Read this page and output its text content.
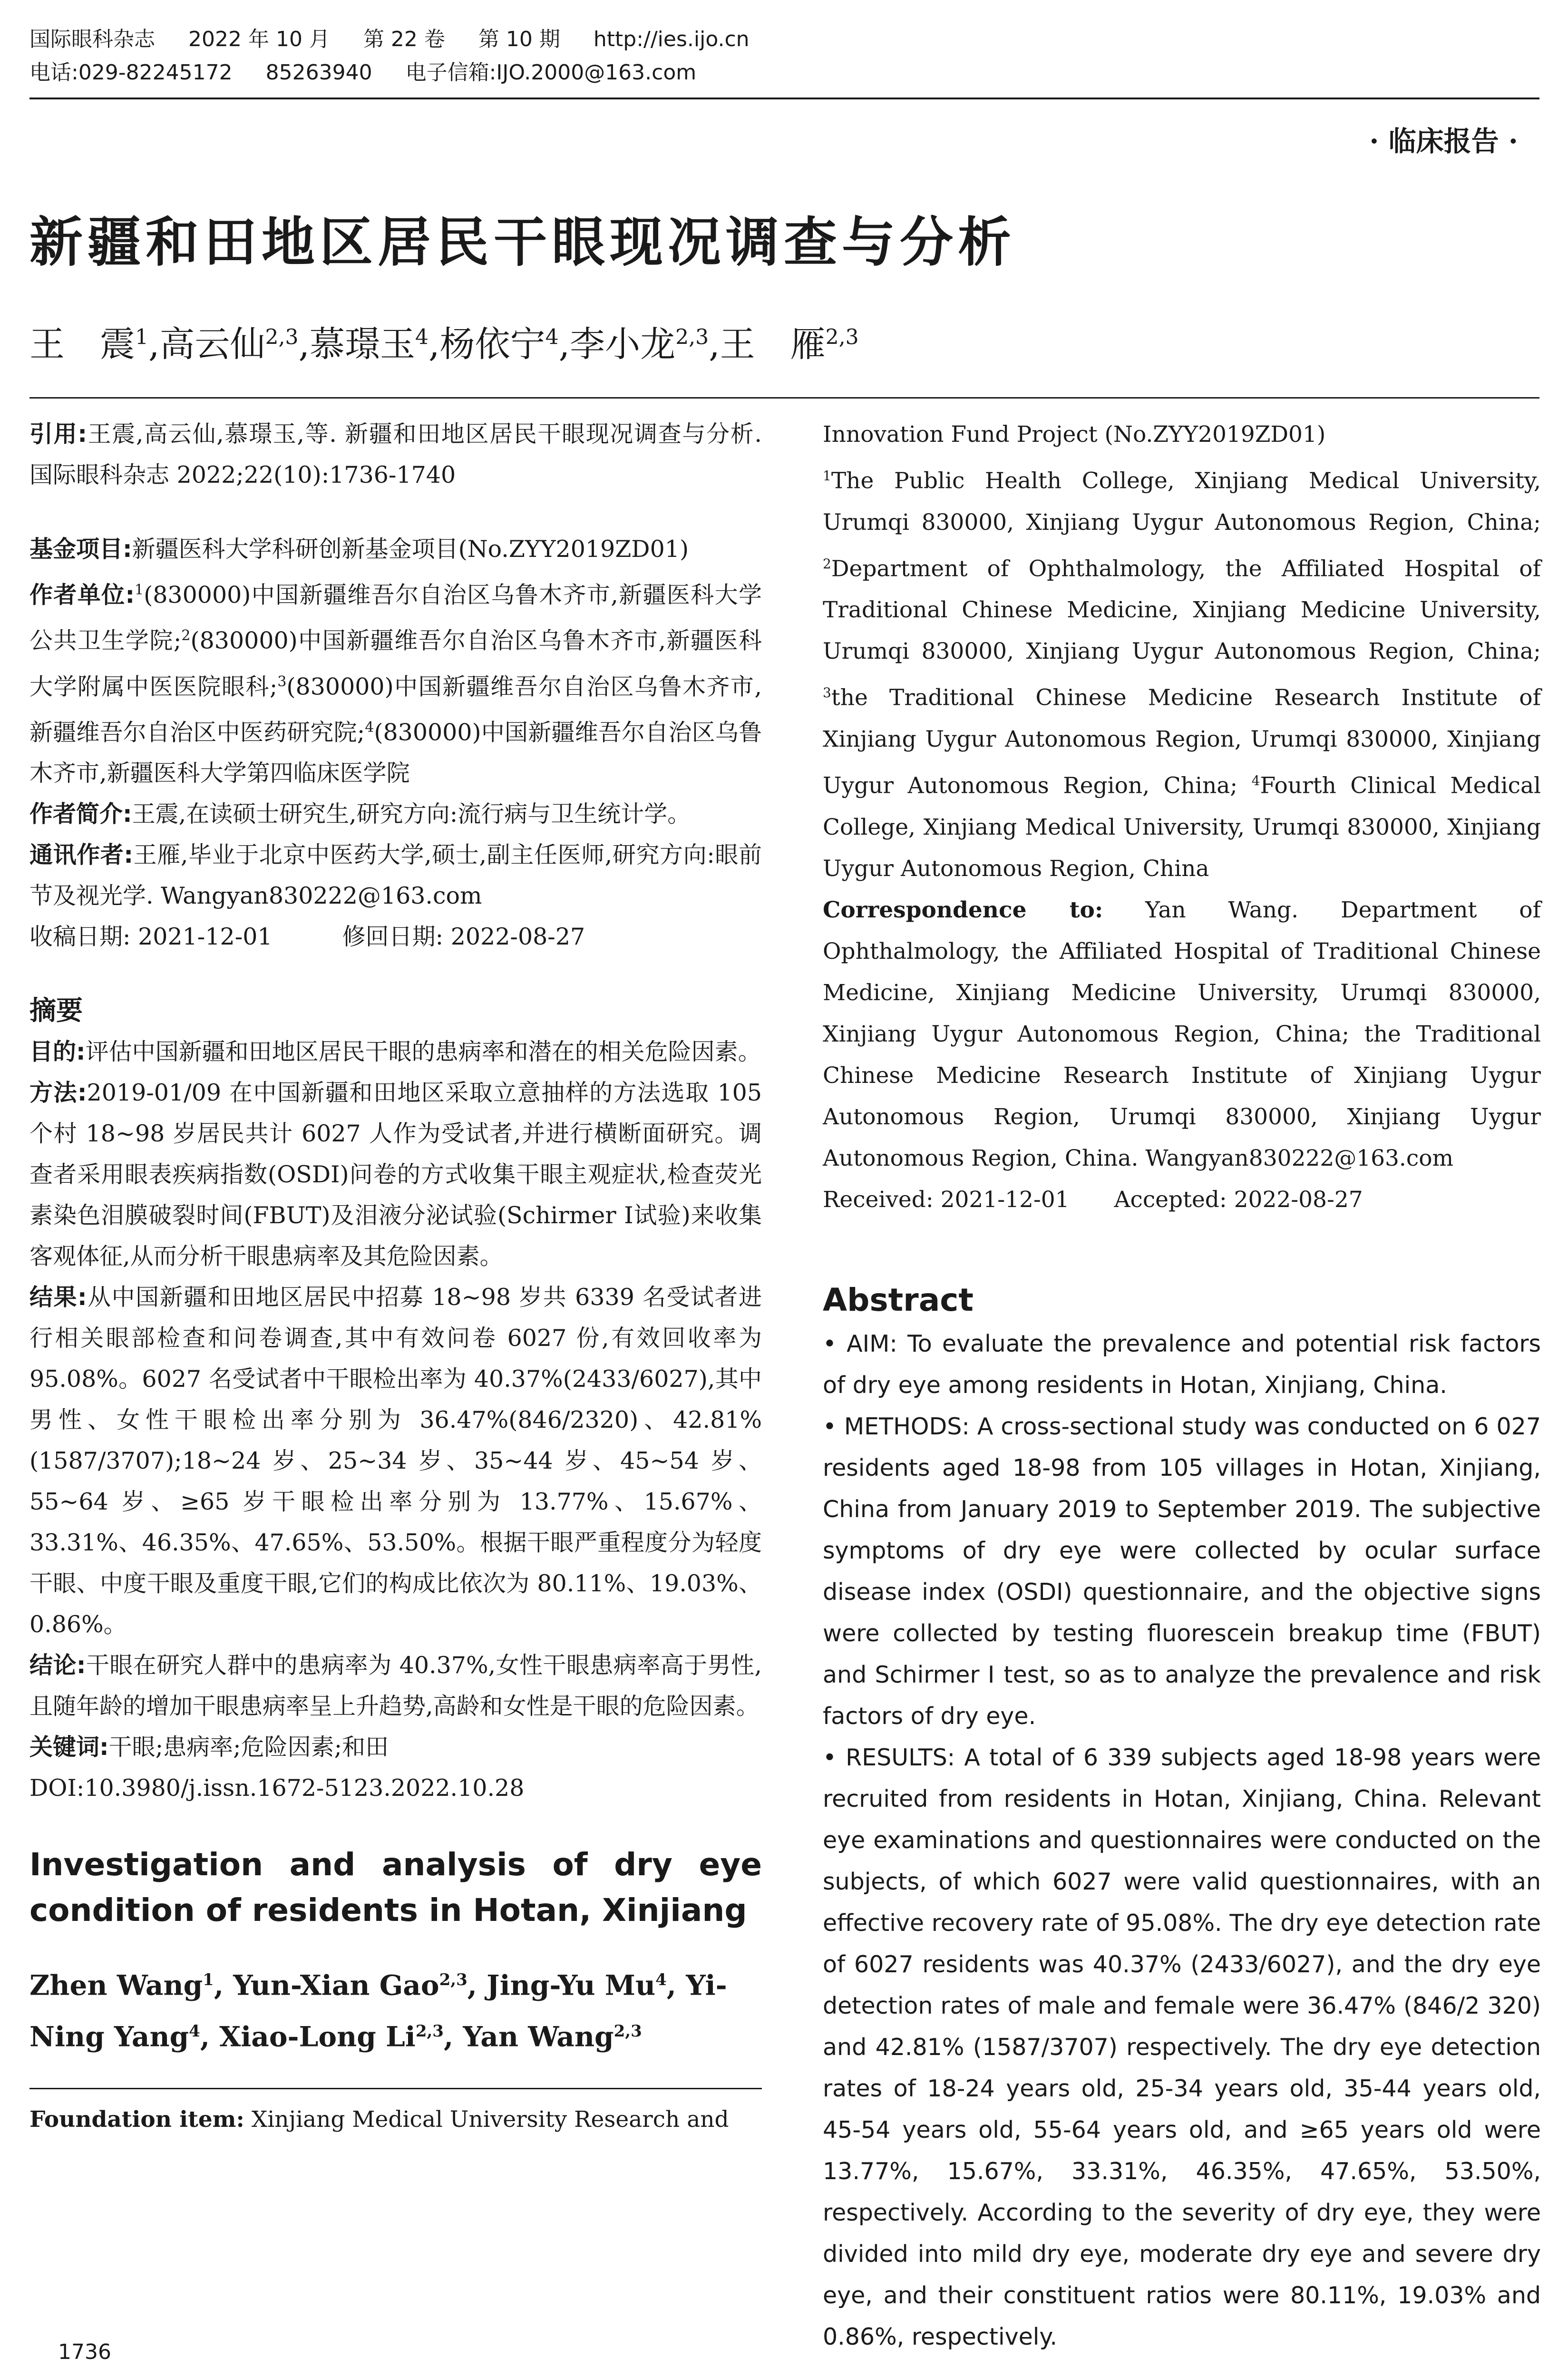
国际眼科杂志 2022 年 10 月 第 22 卷 第 10 期 http://ies.ijo.cn
电话:029-82245172 85263940 电子信箱:IJO.2000@163.com
· 临床报告 ·
新疆和田地区居民干眼现况调查与分析
王　震$^1$,高云仙$^{2,3}$,慕璟玉$^4$,杨依宁$^4$,李小龙$^{2,3}$,王　雁$^{2,3}$

引用:王震,高云仙,慕璟玉,等. 新疆和田地区居民干眼现况调查与分析. 国际眼科杂志 2022;22(10):1736-1740

基金项目:新疆医科大学科研创新基金项目(No.ZYY2019ZD01)

作者单位:$^1$(830000)中国新疆维吾尔自治区乌鲁木齐市,新疆医科大学公共卫生学院;$^2$(830000)中国新疆维吾尔自治区乌鲁木齐市,新疆医科大学附属中医医院眼科;$^3$(830000)中国新疆维吾尔自治区乌鲁木齐市,新疆维吾尔自治区中医药研究院;$^4$(830000)中国新疆维吾尔自治区乌鲁木齐市,新疆医科大学第四临床医学院

作者简介:王震,在读硕士研究生,研究方向:流行病与卫生统计学。

通讯作者:王雁,毕业于北京中医药大学,硕士,副主任医师,研究方向:眼前节及视光学. Wangyan830222@163.com

收稿日期: 2021-12-01   	修回日期: 2022-08-27

摘要

目的:评估中国新疆和田地区居民干眼的患病率和潜在的相关危险因素。

方法:2019-01/09 在中国新疆和田地区采取立意抽样的方法选取 105 个村 18~98 岁居民共计 6027 人作为受试者,并进行横断面研究。调查者采用眼表疾病指数(OSDI)问卷的方式收集干眼主观症状,检查荧光素染色泪膜破裂时间(FBUT)及泪液分泌试验(Schirmer Ⅰ试验)来收集客观体征,从而分析干眼患病率及其危险因素。

结果:从中国新疆和田地区居民中招募 18~98 岁共 6339 名受试者进行相关眼部检查和问卷调查,其中有效问卷 6027 份,有效回收率为 95.08%。6027 名受试者中干眼检出率为 40.37%(2433/6027),其中男性、女性干眼检出率分别为 36.47%(846/2320)、42.81%(1587/3707);18~24 岁、25~34 岁、35~44 岁、45~54 岁、55~64 岁、≥65 岁干眼检出率分别为 13.77%、15.67%、33.31%、46.35%、47.65%、53.50%。根据干眼严重程度分为轻度干眼、中度干眼及重度干眼,它们的构成比依次为 80.11%、19.03%、0.86%。

结论:干眼在研究人群中的患病率为 40.37%,女性干眼患病率高于男性,且随年龄的增加干眼患病率呈上升趋势,高龄和女性是干眼的危险因素。

关键词:干眼;患病率;危险因素;和田

DOI:10.3980/j.issn.1672-5123.2022.10.28

Investigation and analysis of dry eye condition of residents in Hotan, Xinjiang

Zhen Wang$^1$, Yun-Xian Gao$^{2,3}$, Jing-Yu Mu$^4$, Yi-Ning Yang$^4$, Xiao-Long Li$^{2,3}$, Yan Wang$^{2,3}$

Foundation item: Xinjiang Medical University Research and

Innovation Fund Project (No.ZYY2019ZD01)

$^1$The Public Health College, Xinjiang Medical University, Urumqi 830000, Xinjiang Uygur Autonomous Region, China; $^2$Department of Ophthalmology, the Affiliated Hospital of Traditional Chinese Medicine, Xinjiang Medicine University, Urumqi 830000, Xinjiang Uygur Autonomous Region, China; $^3$the Traditional Chinese Medicine Research Institute of Xinjiang Uygur Autonomous Region, Urumqi 830000, Xinjiang Uygur Autonomous Region, China; $^4$Fourth Clinical Medical College, Xinjiang Medical University, Urumqi 830000, Xinjiang Uygur Autonomous Region, China

Correspondence to: Yan Wang. Department of Ophthalmology, the Affiliated Hospital of Traditional Chinese Medicine, Xinjiang Medicine University, Urumqi 830000, Xinjiang Uygur Autonomous Region, China; the Traditional Chinese Medicine Research Institute of Xinjiang Uygur Autonomous Region, Urumqi 830000, Xinjiang Uygur Autonomous Region, China. Wangyan830222@163.com

Received: 2021-12-01   Accepted: 2022-08-27

Abstract

• AIM: To evaluate the prevalence and potential risk factors of dry eye among residents in Hotan, Xinjiang, China.

• METHODS: A cross-sectional study was conducted on 6 027 residents aged 18-98 from 105 villages in Hotan, Xinjiang, China from January 2019 to September 2019. The subjective symptoms of dry eye were collected by ocular surface disease index (OSDI) questionnaire, and the objective signs were collected by testing fluorescein breakup time (FBUT) and Schirmer Ⅰ test, so as to analyze the prevalence and risk factors of dry eye.

• RESULTS: A total of 6 339 subjects aged 18-98 years were recruited from residents in Hotan, Xinjiang, China. Relevant eye examinations and questionnaires were conducted on the subjects, of which 6027 were valid questionnaires, with an effective recovery rate of 95.08%. The dry eye detection rate of 6027 residents was 40.37% (2433/6027), and the dry eye detection rates of male and female were 36.47% (846/2 320) and 42.81% (1587/3707) respectively. The dry eye detection rates of 18-24 years old, 25-34 years old, 35-44 years old, 45-54 years old, 55-64 years old, and ≥65 years old were 13.77%, 15.67%, 33.31%, 46.35%, 47.65%, 53.50%, respectively. According to the severity of dry eye, they were divided into mild dry eye, moderate dry eye and severe dry eye, and their constituent ratios were 80.11%, 19.03% and 0.86%, respectively.

1736
